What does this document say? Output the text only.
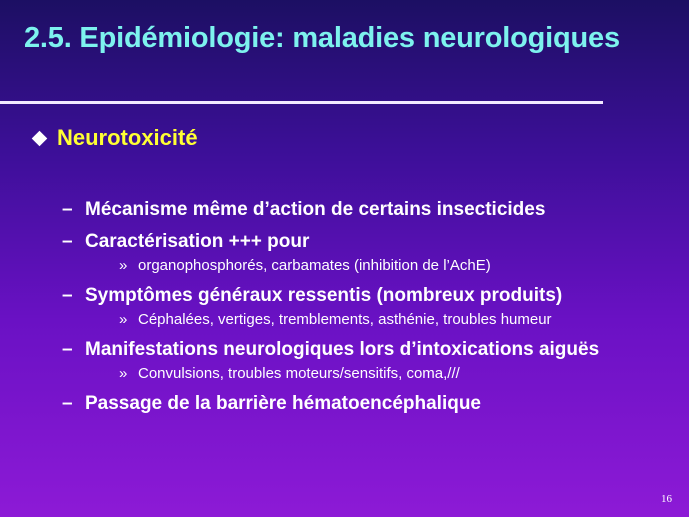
2.5. Epidémiologie: maladies neurologiques
Neurotoxicité
– Mécanisme même d’action de certains insecticides
– Caractérisation +++ pour
» organophosphorés, carbamates (inhibition de l’AchE)
– Symptômes généraux ressentis (nombreux produits)
» Céphalées, vertiges, tremblements, asthénie, troubles humeur
– Manifestations neurologiques lors d’intoxications aiguës
» Convulsions, troubles moteurs/sensitifs, coma,///
– Passage de la barrière hématoencéphalique
16
